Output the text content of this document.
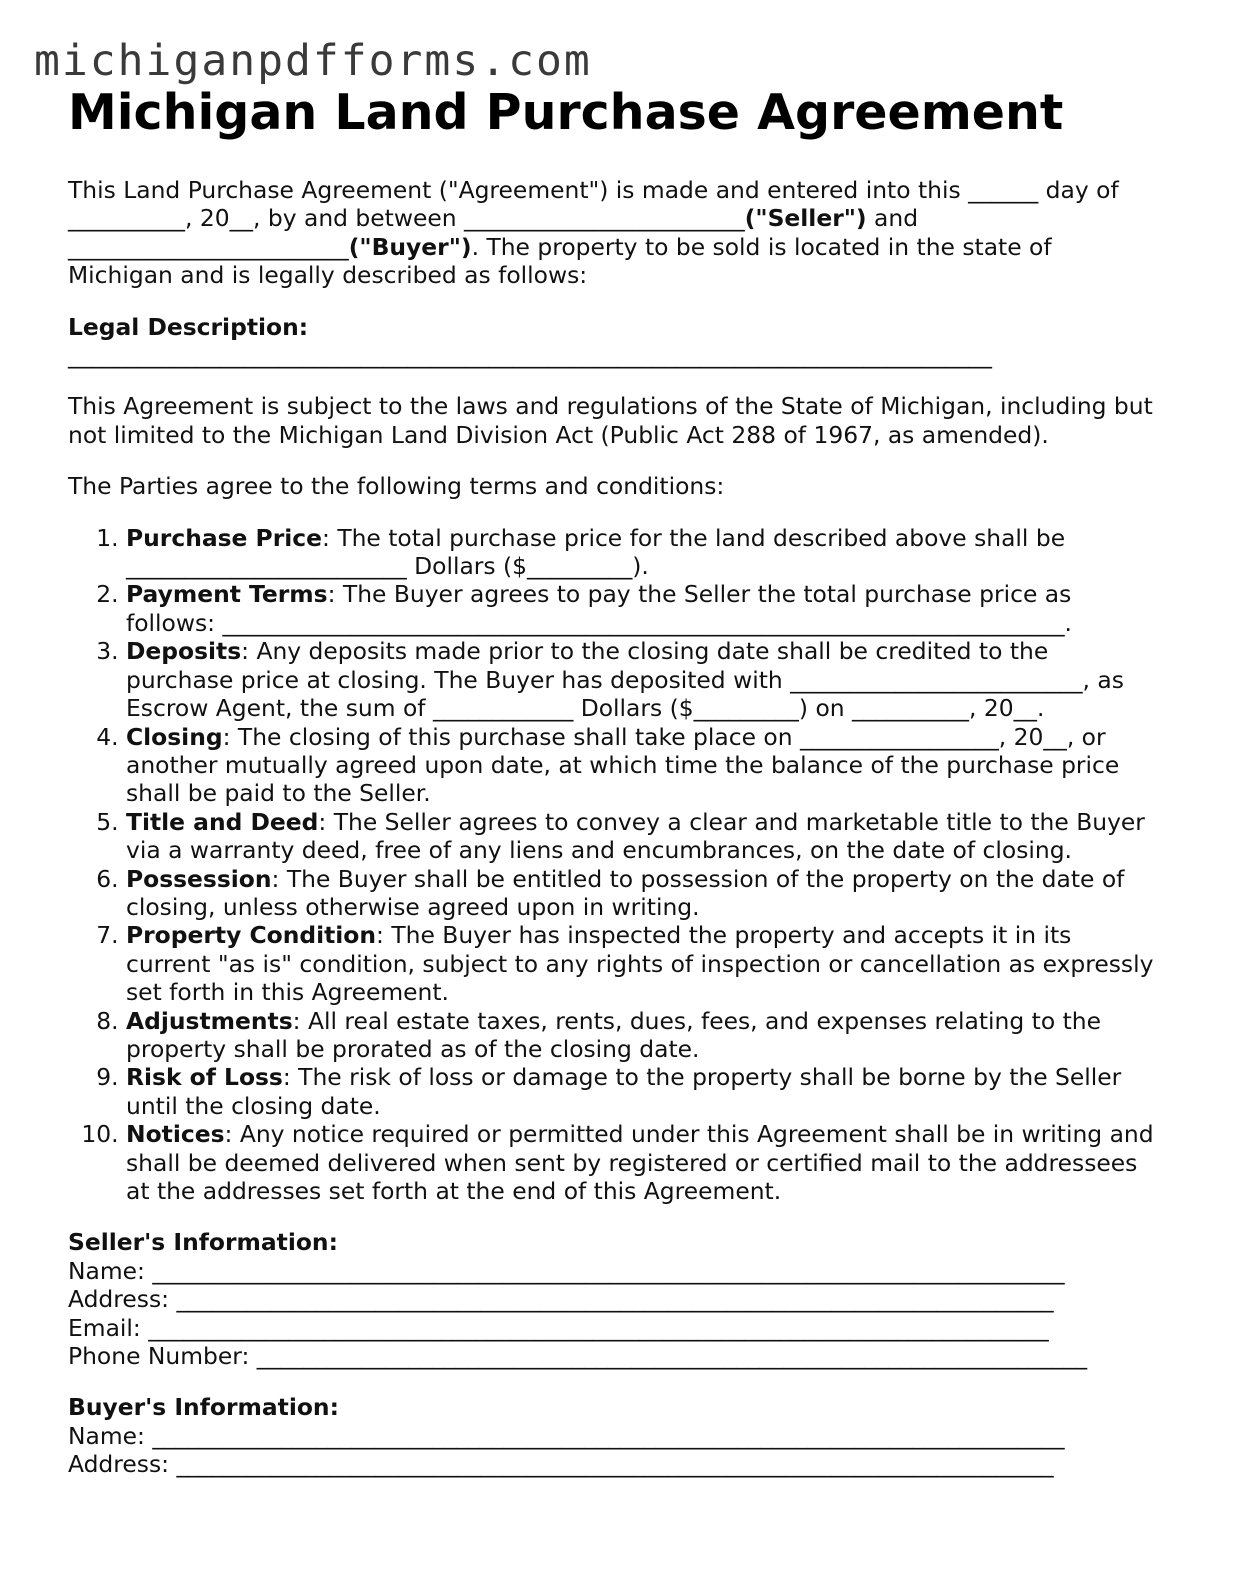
michiganpdfforms.com
Michigan Land Purchase Agreement

This Land Purchase Agreement ("Agreement") is made and entered into this ______ day of __________, 20__, by and between ________________________("Seller") and ________________________("Buyer"). The property to be sold is located in the state of Michigan and is legally described as follows:

Legal Description:
_______________________________________________________________________________

This Agreement is subject to the laws and regulations of the State of Michigan, including but not limited to the Michigan Land Division Act (Public Act 288 of 1967, as amended).

The Parties agree to the following terms and conditions:

1. Purchase Price: The total purchase price for the land described above shall be ________________________ Dollars ($_________).
2. Payment Terms: The Buyer agrees to pay the Seller the total purchase price as follows: ________________________________________________________________________.
3. Deposits: Any deposits made prior to the closing date shall be credited to the purchase price at closing. The Buyer has deposited with _________________________, as Escrow Agent, the sum of ____________ Dollars ($_________) on __________, 20__.
4. Closing: The closing of this purchase shall take place on _________________, 20__, or another mutually agreed upon date, at which time the balance of the purchase price shall be paid to the Seller.
5. Title and Deed: The Seller agrees to convey a clear and marketable title to the Buyer via a warranty deed, free of any liens and encumbrances, on the date of closing.
6. Possession: The Buyer shall be entitled to possession of the property on the date of closing, unless otherwise agreed upon in writing.
7. Property Condition: The Buyer has inspected the property and accepts it in its current "as is" condition, subject to any rights of inspection or cancellation as expressly set forth in this Agreement.
8. Adjustments: All real estate taxes, rents, dues, fees, and expenses relating to the property shall be prorated as of the closing date.
9. Risk of Loss: The risk of loss or damage to the property shall be borne by the Seller until the closing date.
10. Notices: Any notice required or permitted under this Agreement shall be in writing and shall be deemed delivered when sent by registered or certified mail to the addressees at the addresses set forth at the end of this Agreement.
Seller's Information:
Name: ______________________________________________________________________________
Address: ___________________________________________________________________________
Email: _____________________________________________________________________________
Phone Number: _______________________________________________________________________
Buyer's Information:
Name: ______________________________________________________________________________
Address: ___________________________________________________________________________
